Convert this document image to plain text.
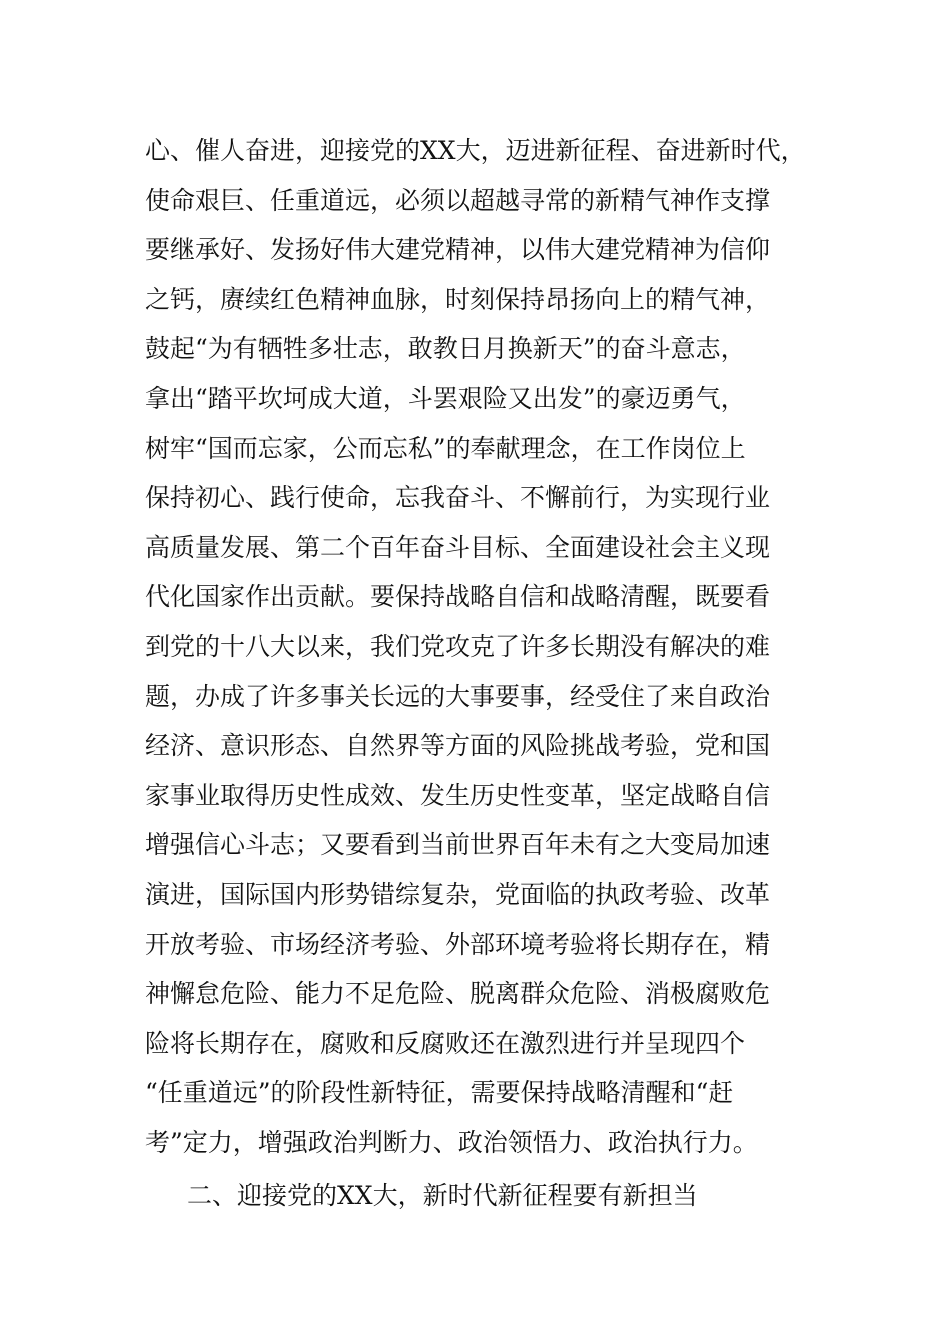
心、催人奋进，迎接党的XX大，迈进新征程、奋进新时代，
使命艰巨、任重道远，必须以超越寻常的新精气神作支撑
要继承好、发扬好伟大建党精神，以伟大建党精神为信仰
之钙，赓续红色精神血脉，时刻保持昂扬向上的精气神，
鼓起“为有牺牲多壮志，敢教日月换新天”的奋斗意志，
拿出“踏平坎坷成大道，斗罢艰险又出发”的豪迈勇气，
树牢“国而忘家，公而忘私”的奉献理念，在工作岗位上
保持初心、践行使命，忘我奋斗、不懈前行，为实现行业
高质量发展、第二个百年奋斗目标、全面建设社会主义现
代化国家作出贡献。要保持战略自信和战略清醒，既要看
到党的十八大以来，我们党攻克了许多长期没有解决的难
题，办成了许多事关长远的大事要事，经受住了来自政治
经济、意识形态、自然界等方面的风险挑战考验，党和国
家事业取得历史性成效、发生历史性变革，坚定战略自信
增强信心斗志；又要看到当前世界百年未有之大变局加速
演进，国际国内形势错综复杂，党面临的执政考验、改革
开放考验、市场经济考验、外部环境考验将长期存在，精
神懈怠危险、能力不足危险、脱离群众危险、消极腐败危
险将长期存在，腐败和反腐败还在激烈进行并呈现四个
“任重道远”的阶段性新特征，需要保持战略清醒和“赶
考”定力，增强政治判断力、政治领悟力、政治执行力。
二、迎接党的XX大，新时代新征程要有新担当
